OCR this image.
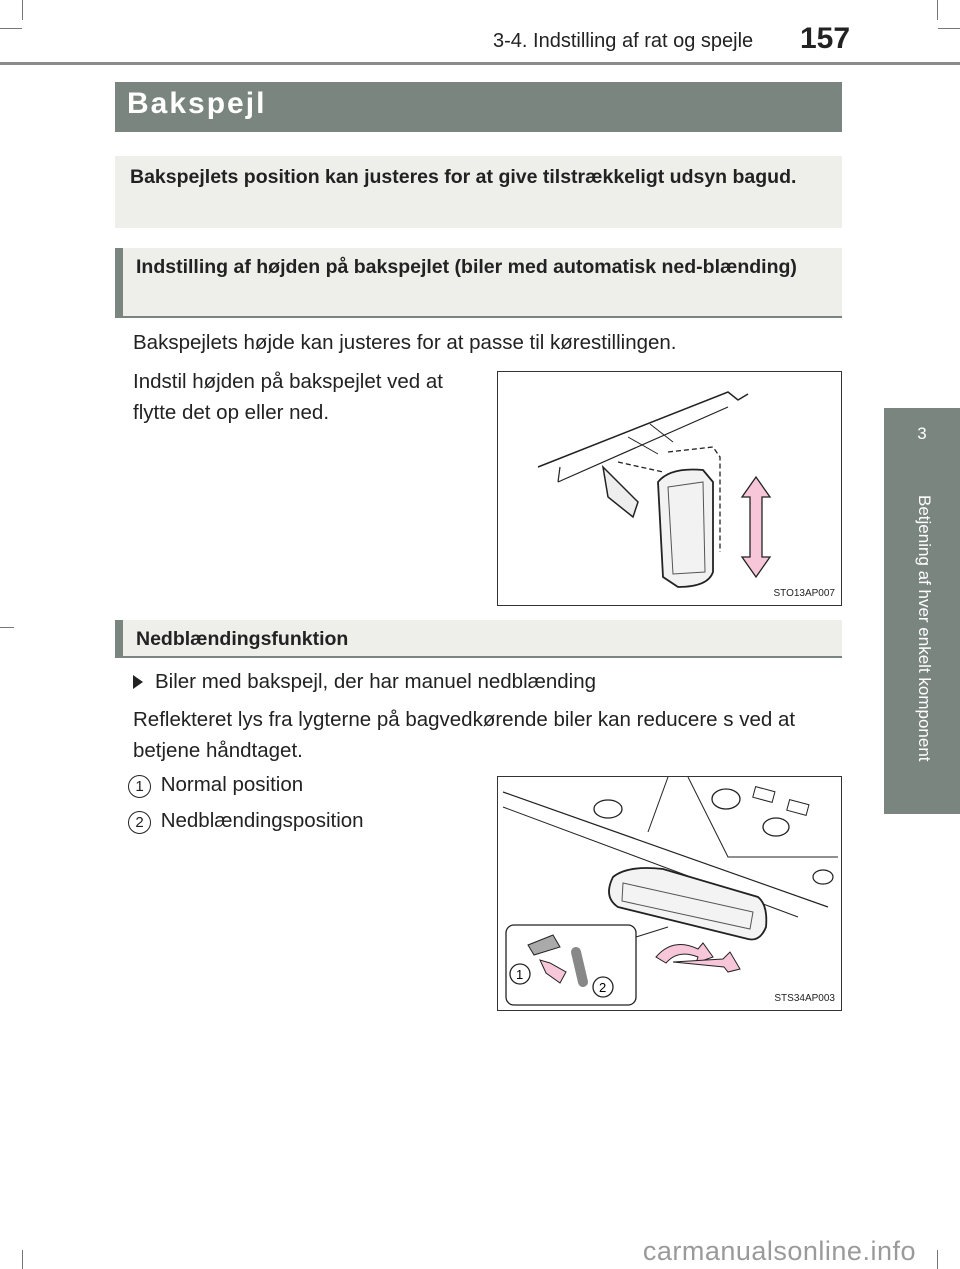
3-4. Indstilling af rat og spejle 157
Bakspejl
Bakspejlets position kan justeres for at give tilstrækkeligt udsyn bagud.
Indstilling af højden på bakspejlet (biler med automatisk ned-blænding)
Bakspejlets højde kan justeres for at passe til kørestillingen.
Indstil højden på bakspejlet ved at flytte det op eller ned.
STO13AP007
Nedblændingsfunktion
Biler med bakspejl, der har manuel nedblænding
Reflekteret lys fra lygterne på bagvedkørende biler kan reducere s ved at betjene håndtaget.
1 Normal position
2 Nedblændingsposition
1
2
STS34AP003
3
Betjening af hver enkelt komponent
carmanualsonline.info
